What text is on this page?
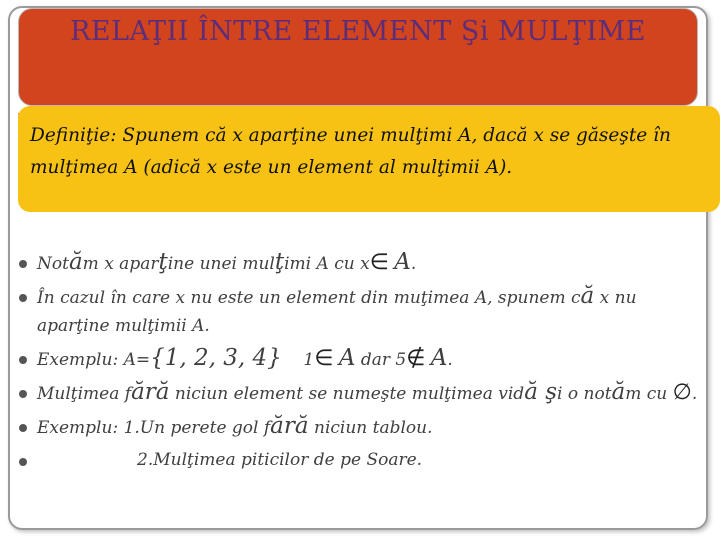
RELAŢII ÎNTRE ELEMENT Şi MULŢIME
Definiţie: Spunem că x aparţine unei mulţimi A, dacă x se găseşte în mulţimea A (adică x este un element al mulţimii A).
Notăm x aparţine unei mulţimi A cu x∈ A.
În cazul în care x nu este un element din muţimea A, spunem că x nu
aparţine mulţimii A.
Exemplu: A={1, 2, 3, 4} 1∈ A dar 5∉ A.
Mulţimea fără niciun element se numeşte mulţimea vidă şi o notăm cu ∅.
Exemplu: 1.Un perete gol fără niciun tablou.
2.Mulţimea piticilor de pe Soare.
